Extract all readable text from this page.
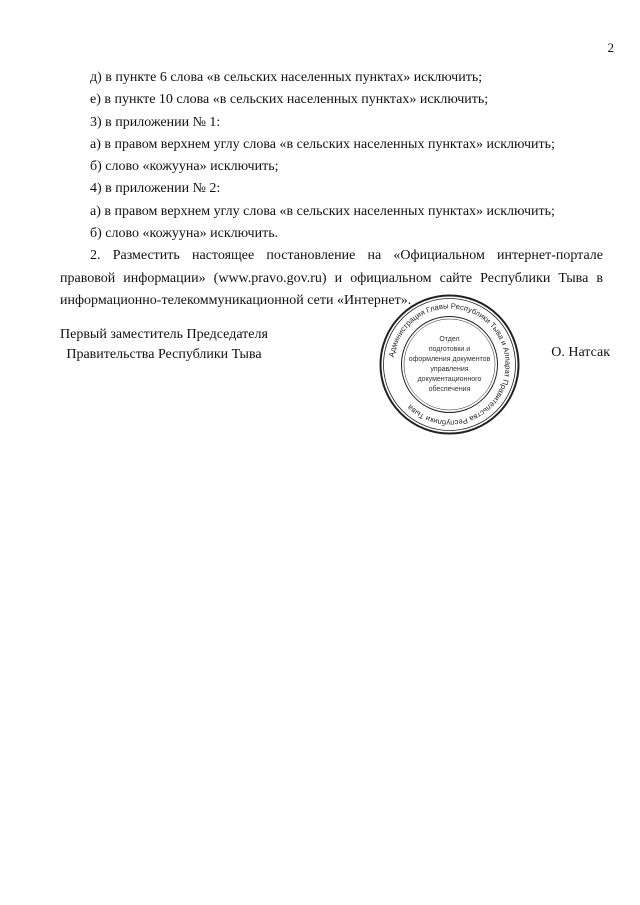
2

д) в пункте 6 слова «в сельских населенных пунктах» исключить;

е) в пункте 10 слова «в сельских населенных пунктах» исключить;

3) в приложении № 1:

а) в правом верхнем углу слова «в сельских населенных пунктах» исключить;

б) слово «кожууна» исключить;

4) в приложении № 2:

а) в правом верхнем углу слова «в сельских населенных пунктах» исключить;

б) слово «кожууна» исключить.

2. Разместить настоящее постановление на «Официальном интернет-портале правовой информации» (www.pravo.gov.ru) и официальном сайте Республики Тыва в информационно-телекоммуникационной сети «Интернет».

Первый заместитель Председателя
Правительства Республики Тыва	Администрация Главы Республики Тыва и Аппарат Правительства Республики Тыва
Отдел
подготовки и
оформления документов
управления
документационного
обеспечения
О. Натсак
